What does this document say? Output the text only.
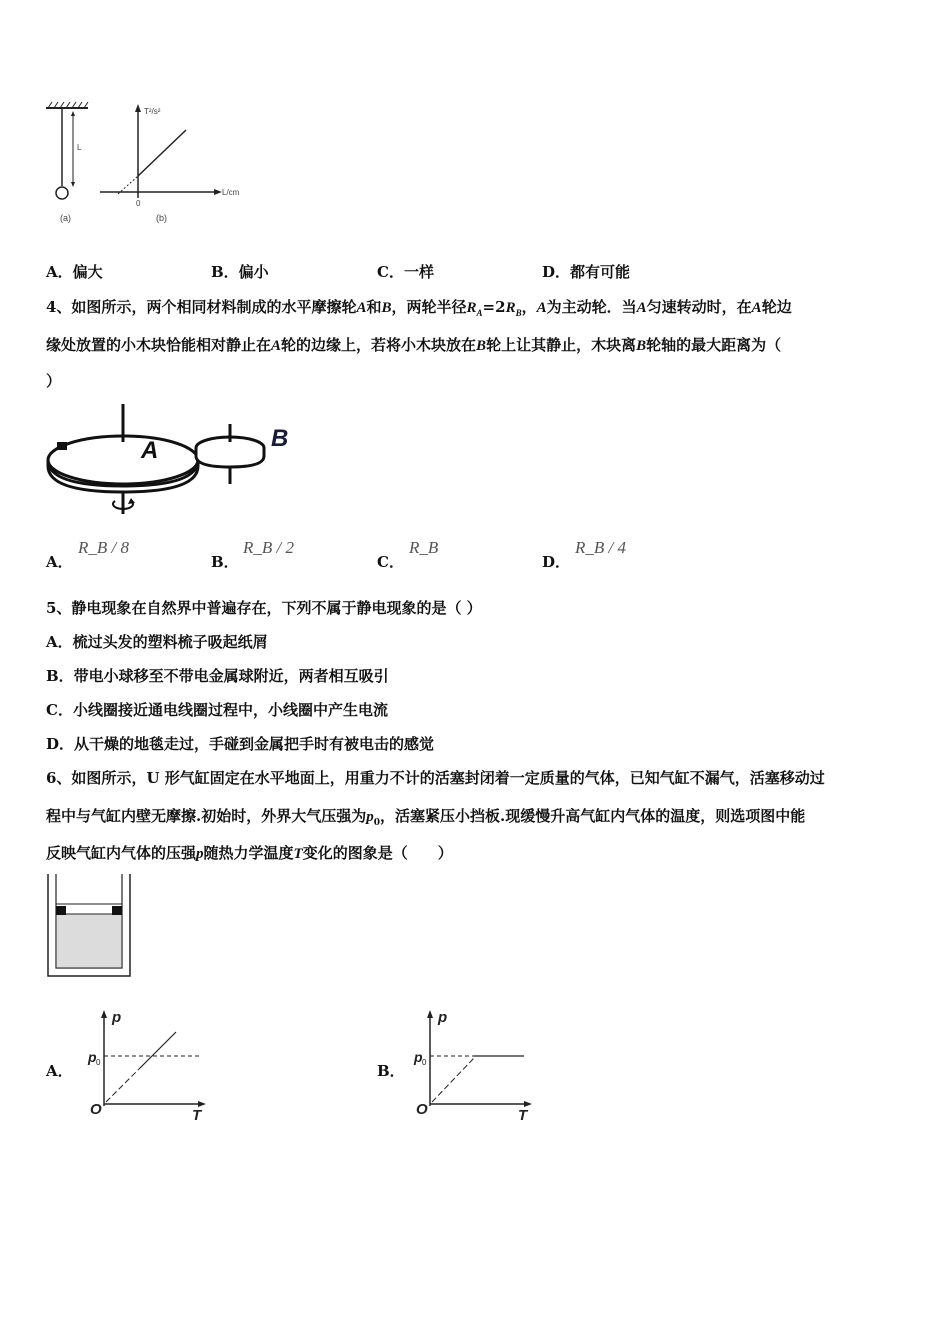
L
(a)
T²/s²
L/cm
0
(b)
A．偏大	B．偏小	C．一样	D．都有可能
4、如图所示，两个相同材料制成的水平摩擦轮A和B，两轮半径$R_A=2R_B$，A为主动轮．当A匀速转动时，在A轮边
缘处放置的小木块恰能相对静止在A轮的边缘上，若将小木块放在B轮上让其静止，木块离B轮轴的最大距离为（
）
A	B
A．
R_B / 8
B．
R_B / 2
C．
R_B
D．
R_B / 4
5、静电现象在自然界中普遍存在，下列不属于静电现象的是（ ）
A．梳过头发的塑料梳子吸起纸屑
B．带电小球移至不带电金属球附近，两者相互吸引
C．小线圈接近通电线圈过程中，小线圈中产生电流
D．从干燥的地毯走过，手碰到金属把手时有被电击的感觉
6、如图所示，U 形气缸固定在水平地面上，用重力不计的活塞封闭着一定质量的气体，已知气缸不漏气，活塞移动过
程中与气缸内壁无摩擦.初始时，外界大气压强为$p_0$，活塞紧压小挡板.现缓慢升高气缸内气体的温度，则选项图中能
反映气缸内气体的压强p随热力学温度T变化的图象是（　　）
A．
p
p 0
O	T
B．
p
p 0
O	T
